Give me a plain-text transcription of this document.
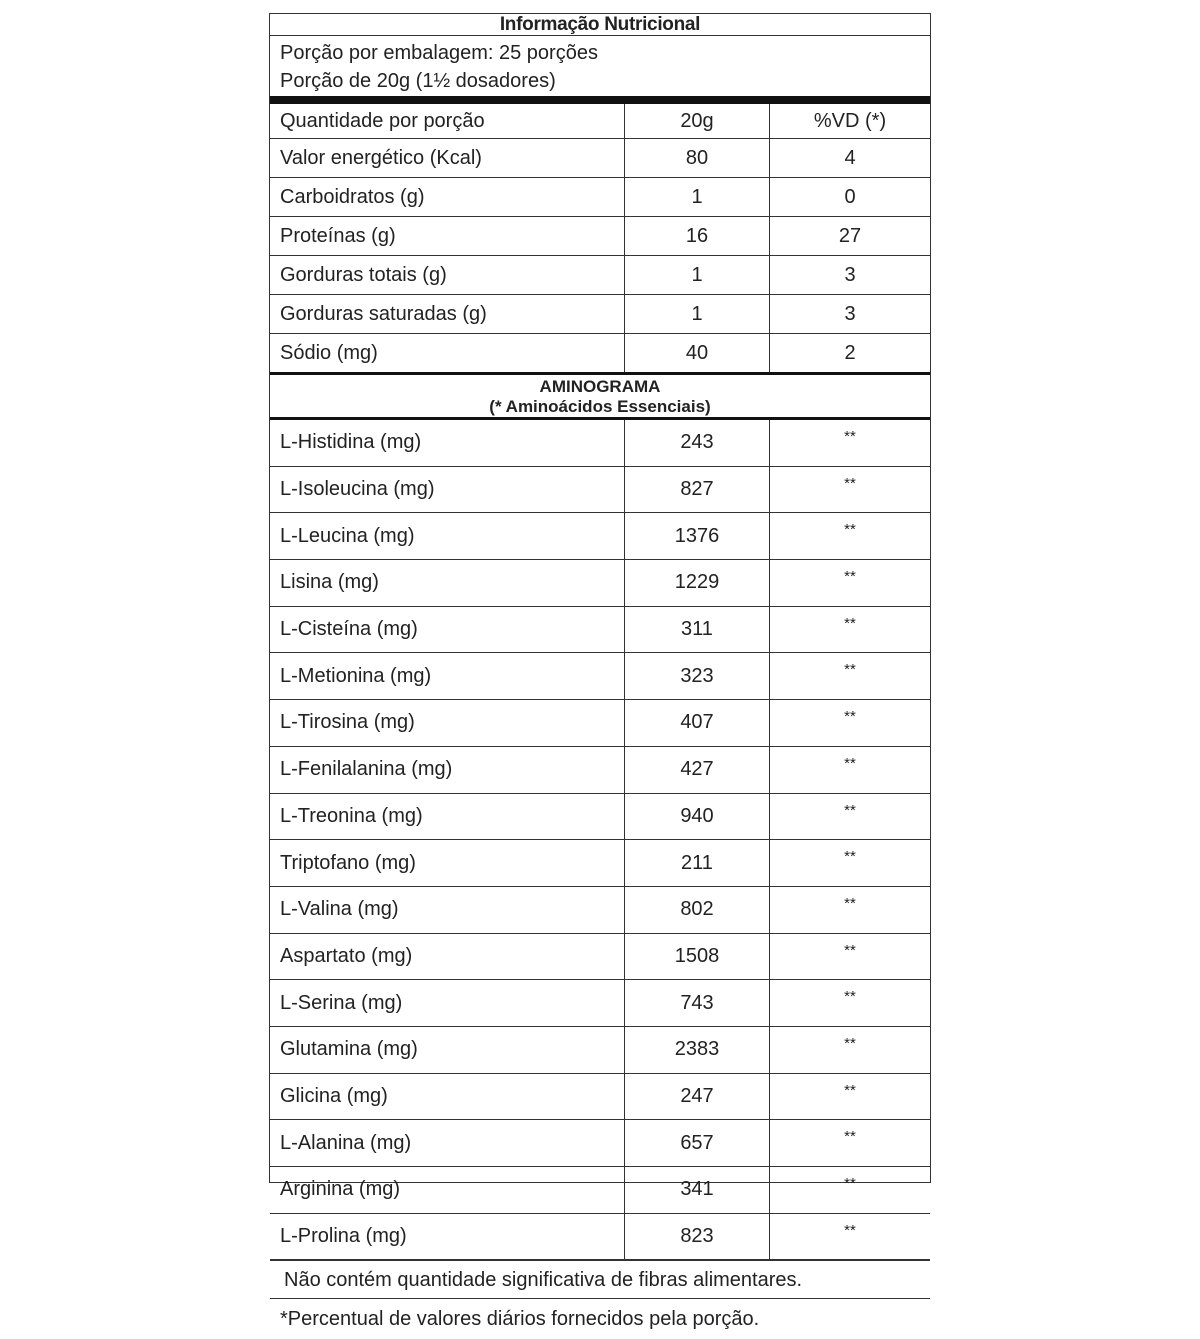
Informação Nutricional
Porção por embalagem: 25 porções
Porção de 20g (1½ dosadores)
Quantidade por porção	20g	%VD (*)
Valor energético (Kcal)	80	4
Carboidratos (g)	1	0
Proteínas (g)	16	27
Gorduras totais (g)	1	3
Gorduras saturadas (g)	1	3
Sódio (mg)	40	2
AMINOGRAMA
(* Aminoácidos Essenciais)
L-Histidina (mg)	243	**
L-Isoleucina (mg)	827	**
L-Leucina (mg)	1376	**
Lisina (mg)	1229	**
L-Cisteína (mg)	311	**
L-Metionina (mg)	323	**
L-Tirosina (mg)	407	**
L-Fenilalanina (mg)	427	**
L-Treonina (mg)	940	**
Triptofano (mg)	211	**
L-Valina (mg)	802	**
Aspartato (mg)	1508	**
L-Serina (mg)	743	**
Glutamina (mg)	2383	**
Glicina (mg)	247	**
L-Alanina (mg)	657	**
Arginina (mg)	341	**
L-Prolina (mg)	823	**
Não contém quantidade significativa de fibras alimentares.
*Percentual de valores diários fornecidos pela porção.
